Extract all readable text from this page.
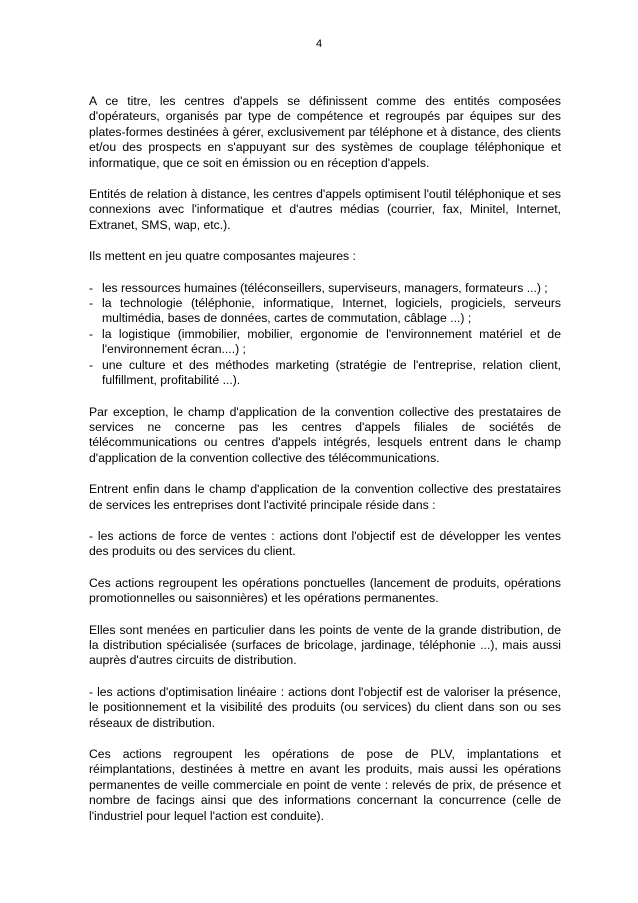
4

A ce titre, les centres d'appels se définissent comme des entités composées d'opérateurs, organisés par type de compétence et regroupés par équipes sur des plates-formes destinées à gérer, exclusivement par téléphone et à distance, des clients et/ou des prospects en s'appuyant sur des systèmes de couplage téléphonique et informatique, que ce soit en émission ou en réception d'appels.

Entités de relation à distance, les centres d'appels optimisent l'outil téléphonique et ses connexions avec l'informatique et d'autres médias (courrier, fax, Minitel, Internet, Extranet, SMS, wap, etc.).

Ils mettent en jeu quatre composantes majeures :

- les ressources humaines (téléconseillers, superviseurs, managers, formateurs ...) ;
- la technologie (téléphonie, informatique, Internet, logiciels, progiciels, serveurs multimédia, bases de données, cartes de commutation, câblage ...) ;
- la logistique (immobilier, mobilier, ergonomie de l'environnement matériel et de l'environnement écran....) ;
- une culture et des méthodes marketing (stratégie de l'entreprise, relation client, fulfillment, profitabilité ...).

Par exception, le champ d'application de la convention collective des prestataires de services ne concerne pas les centres d'appels filiales de sociétés de télécommunications ou centres d'appels intégrés, lesquels entrent dans le champ d'application de la convention collective des télécommunications.

Entrent enfin dans le champ d'application de la convention collective des prestataires de services les entreprises dont l'activité principale réside dans :

- les actions de force de ventes : actions dont l'objectif est de développer les ventes des produits ou des services du client.

Ces actions regroupent les opérations ponctuelles (lancement de produits, opérations promotionnelles ou saisonnières) et les opérations permanentes.

Elles sont menées en particulier dans les points de vente de la grande distribution, de la distribution spécialisée (surfaces de bricolage, jardinage, téléphonie ...), mais aussi auprès d'autres circuits de distribution.

- les actions d'optimisation linéaire : actions dont l'objectif est de valoriser la présence, le positionnement et la visibilité des produits (ou services) du client dans son ou ses réseaux de distribution.

Ces actions regroupent les opérations de pose de PLV, implantations et réimplantations, destinées à mettre en avant les produits, mais aussi les opérations permanentes de veille commerciale en point de vente : relevés de prix, de présence et nombre de facings ainsi que des informations concernant la concurrence (celle de l'industriel pour lequel l'action est conduite).
